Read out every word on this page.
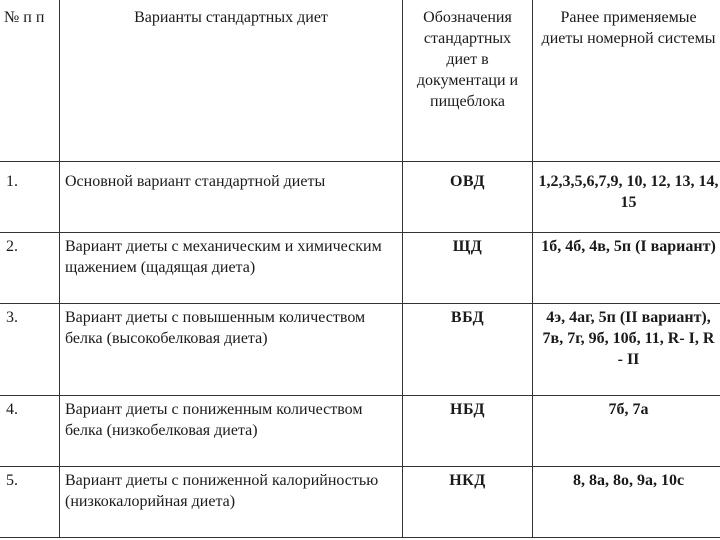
№ п п	Варианты стандартных диет	Обозначения стандартных диет в документаци и пищеблока	Ранее применяемые диеты номерной системы
1.	Основной вариант стандартной диеты	ОВД	1,2,3,5,6,7,9, 10, 12, 13, 14, 15
2.	Вариант диеты с механическим и химическим щажением (щадящая диета)	ЩД	1б, 4б, 4в, 5п (I вариант)
3.	Вариант диеты с повышенным количеством белка (высокобелковая диета)	ВБД	4э, 4аг, 5п (II вариант), 7в, 7г, 9б, 10б, 11, R- I, R - II
4.	Вариант диеты с пониженным количеством белка (низкобелковая диета)	НБД	7б, 7а
5.	Вариант диеты с пониженной калорийностью (низкокалорийная диета)	НКД	8, 8а, 8о, 9а, 10с
